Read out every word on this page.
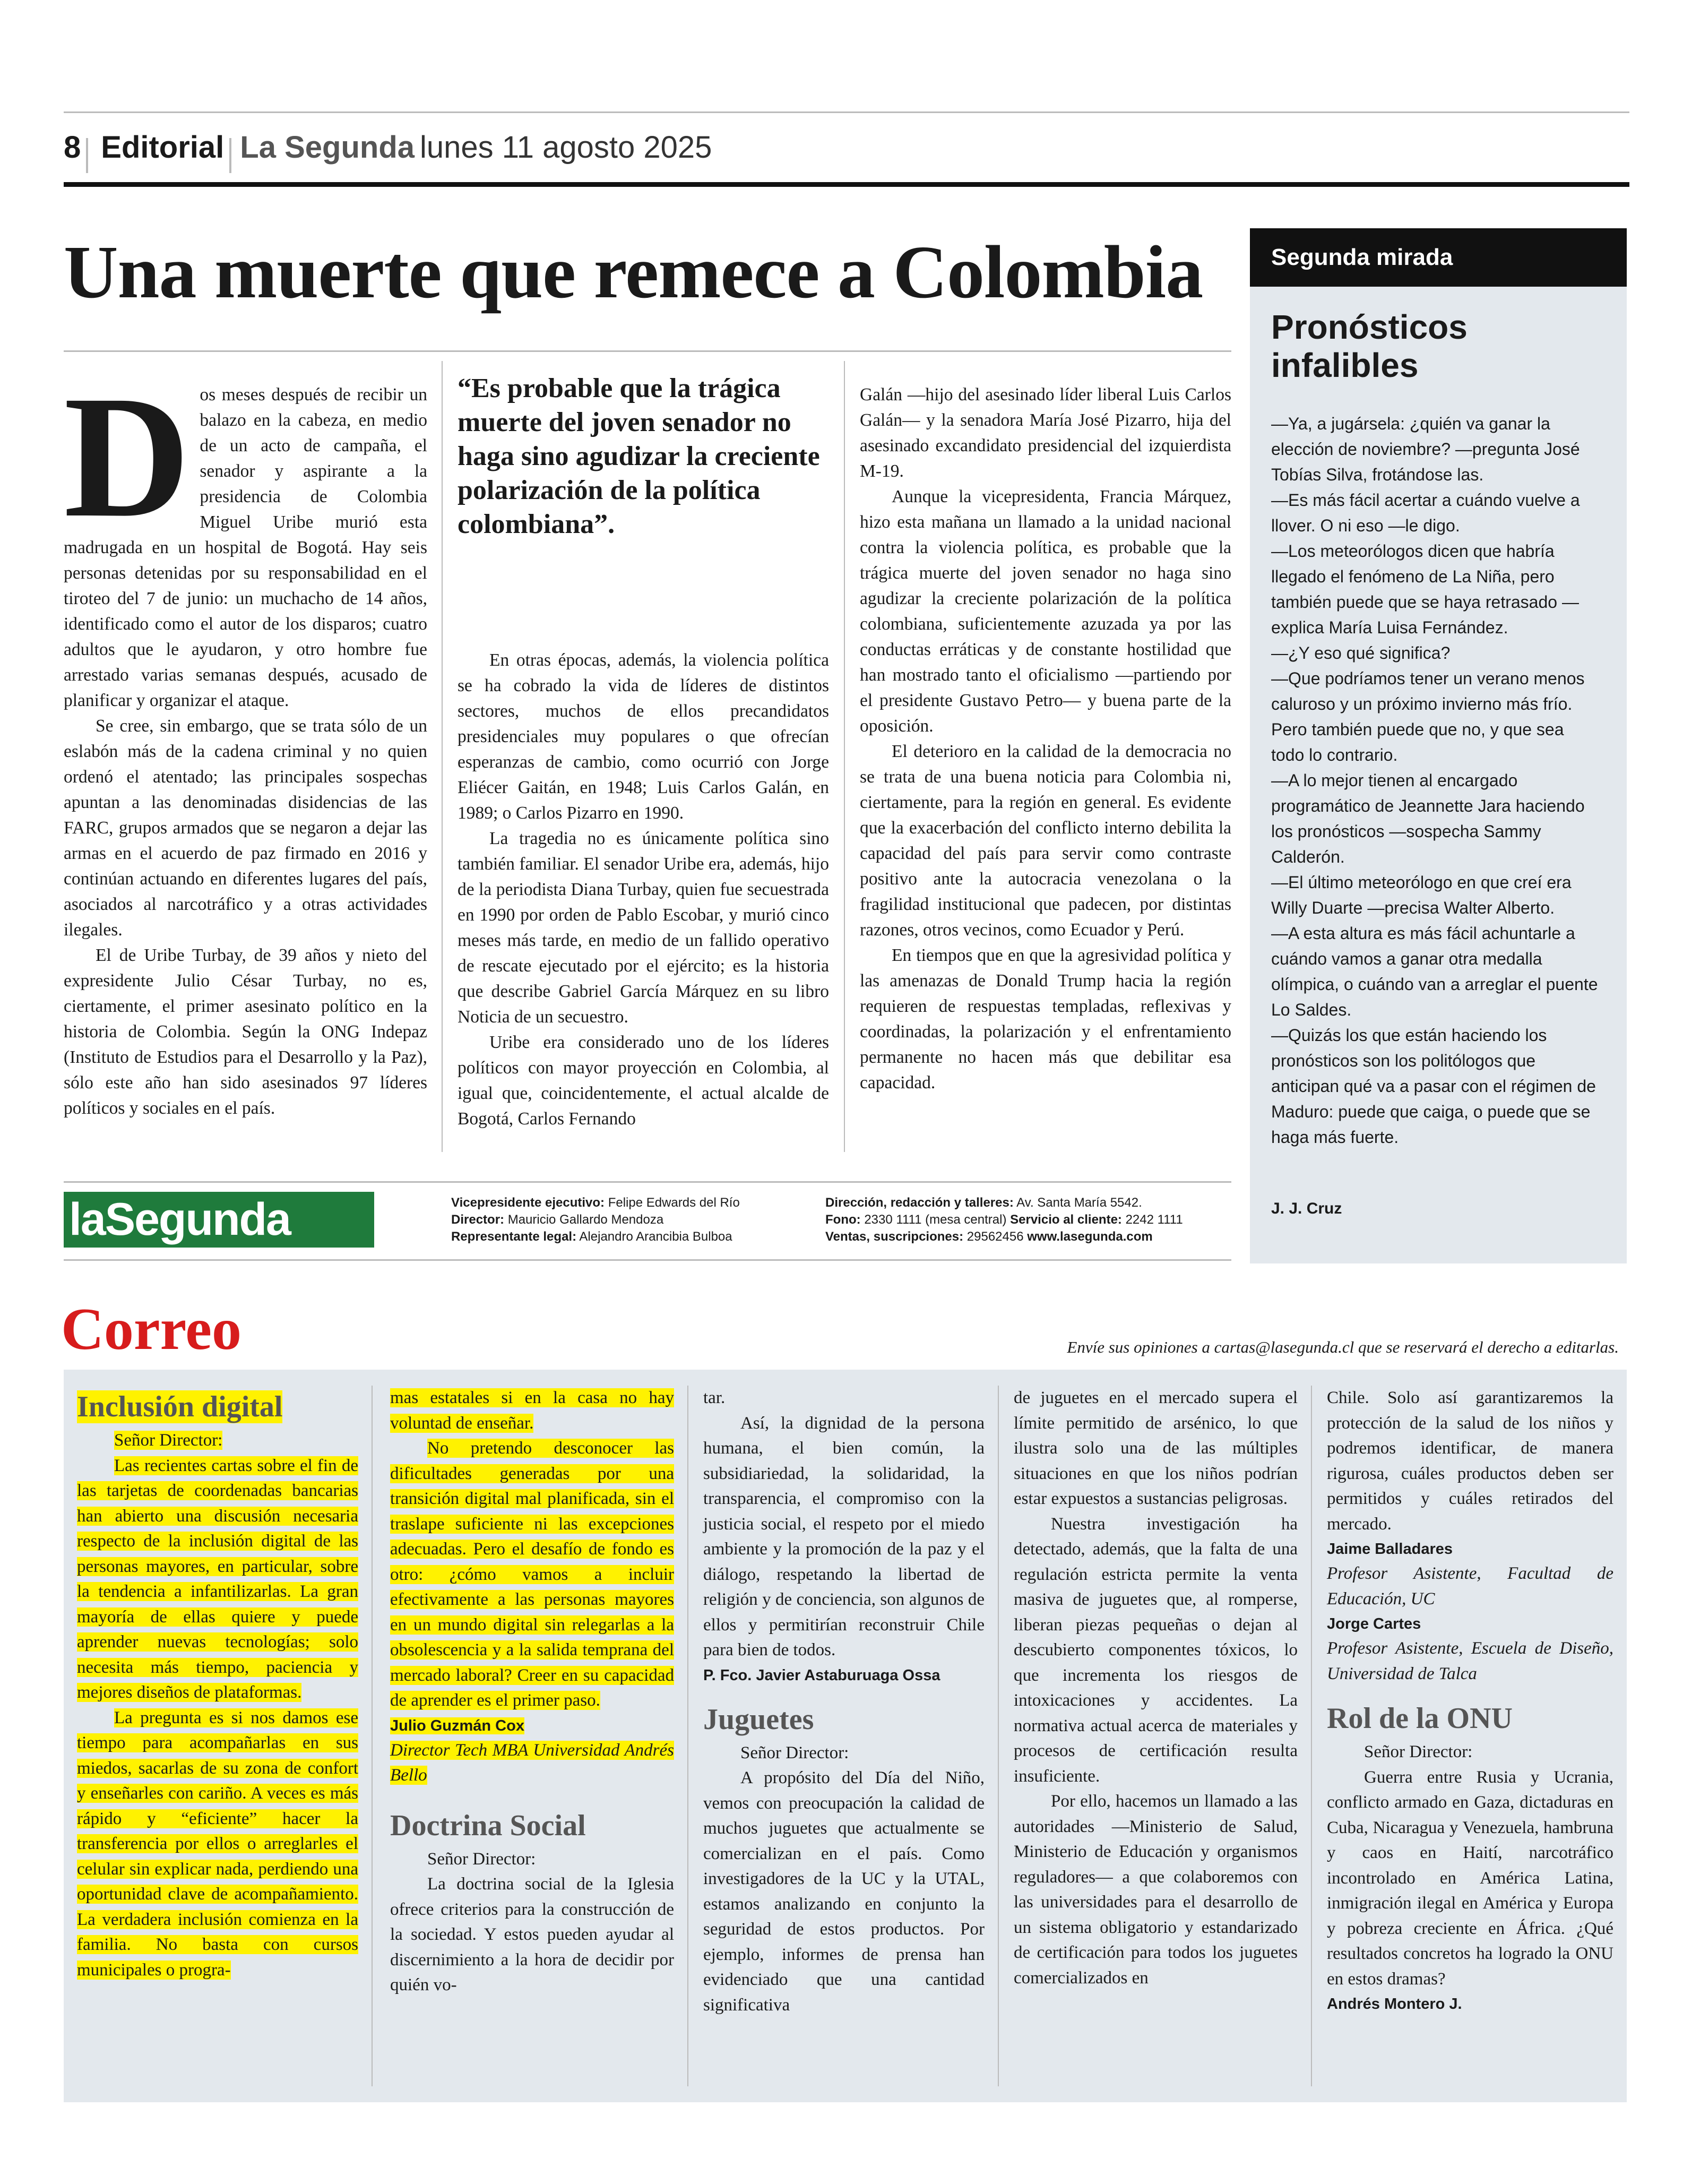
8 Editorial La Segunda lunes 11 agosto 2025
Una muerte que remece a Colombia
D os meses después de recibir un balazo en la cabeza, en medio de un acto de campaña, el senador y aspirante a la presidencia de Colombia Miguel Uribe murió esta madrugada en un hospital de Bogotá. Hay seis personas detenidas por su responsabilidad en el tiroteo del 7 de junio: un muchacho de 14 años, identificado como el autor de los disparos; cuatro adultos que le ayudaron, y otro hombre fue arrestado varias semanas después, acusado de planificar y organizar el ataque.

Se cree, sin embargo, que se trata sólo de un eslabón más de la cadena criminal y no quien ordenó el atentado; las principales sospechas apuntan a las denominadas disidencias de las FARC, grupos armados que se negaron a dejar las armas en el acuerdo de paz firmado en 2016 y continúan actuando en diferentes lugares del país, asociados al narcotráfico y a otras actividades ilegales.

El de Uribe Turbay, de 39 años y nieto del expresidente Julio César Turbay, no es, ciertamente, el primer asesinato político en la historia de Colombia. Según la ONG Indepaz (Instituto de Estudios para el Desarrollo y la Paz), sólo este año han sido asesinados 97 líderes políticos y sociales en el país.

“Es probable que la trágica muerte del joven senador no haga sino agudizar la creciente polarización de la política colombiana”.

En otras épocas, además, la violencia política se ha cobrado la vida de líderes de distintos sectores, muchos de ellos precandidatos presidenciales muy populares o que ofrecían esperanzas de cambio, como ocurrió con Jorge Eliécer Gaitán, en 1948; Luis Carlos Galán, en 1989; o Carlos Pizarro en 1990.

La tragedia no es únicamente política sino también familiar. El senador Uribe era, además, hijo de la periodista Diana Turbay, quien fue secuestrada en 1990 por orden de Pablo Escobar, y murió cinco meses más tarde, en medio de un fallido operativo de rescate ejecutado por el ejército; es la historia que describe Gabriel García Márquez en su libro Noticia de un secuestro.

Uribe era considerado uno de los líderes políticos con mayor proyección en Colombia, al igual que, coincidentemente, el actual alcalde de Bogotá, Carlos Fernando

Galán —hijo del asesinado líder liberal Luis Carlos Galán— y la senadora María José Pizarro, hija del asesinado excandidato presidencial del izquierdista M-19.

Aunque la vicepresidenta, Francia Márquez, hizo esta mañana un llamado a la unidad nacional contra la violencia política, es probable que la trágica muerte del joven senador no haga sino agudizar la creciente polarización de la política colombiana, suficientemente azuzada ya por las conductas erráticas y de constante hostilidad que han mostrado tanto el oficialismo —partiendo por el presidente Gustavo Petro— y buena parte de la oposición.

El deterioro en la calidad de la democracia no se trata de una buena noticia para Colombia ni, ciertamente, para la región en general. Es evidente que la exacerbación del conflicto interno debilita la capacidad del país para servir como contraste positivo ante la autocracia venezolana o la fragilidad institucional que padecen, por distintas razones, otros vecinos, como Ecuador y Perú.

En tiempos que en que la agresividad política y las amenazas de Donald Trump hacia la región requieren de respuestas templadas, reflexivas y coordinadas, la polarización y el enfrentamiento permanente no hacen más que debilitar esa capacidad.

Segunda mirada
Pronósticos infalibles

—Ya, a jugársela: ¿quién va ganar la elección de noviembre? —pregunta José Tobías Silva, frotándose las.

—Es más fácil acertar a cuándo vuelve a llover. O ni eso —le digo.

—Los meteorólogos dicen que habría llegado el fenómeno de La Niña, pero también puede que se haya retrasado —explica María Luisa Fernández.

—¿Y eso qué significa?

—Que podríamos tener un verano menos caluroso y un próximo invierno más frío. Pero también puede que no, y que sea todo lo contrario.

—A lo mejor tienen al encargado programático de Jeannette Jara haciendo los pronósticos —sospecha Sammy Calderón.

—El último meteorólogo en que creí era Willy Duarte —precisa Walter Alberto.

—A esta altura es más fácil achuntarle a cuándo vamos a ganar otra medalla olímpica, o cuándo van a arreglar el puente Lo Saldes.

—Quizás los que están haciendo los pronósticos son los politólogos que anticipan qué va a pasar con el régimen de Maduro: puede que caiga, o puede que se haga más fuerte.

J. J. Cruz
laSegunda	Vicepresidente ejecutivo: Felipe Edwards del Río
Director: Mauricio Gallardo Mendoza
Representante legal: Alejandro Arancibia Bulboa
Dirección, redacción y talleres: Av. Santa María 5542.
Fono: 2330 1111 (mesa central) Servicio al cliente: 2242 1111
Ventas, suscripciones: 29562456 www.lasegunda.com
Correo	Envíe sus opiniones a cartas@lasegunda.cl que se reservará el derecho a editarlas.
Inclusión digital

Señor Director:

Las recientes cartas sobre el fin de las tarjetas de coordenadas bancarias han abierto una discusión necesaria respecto de la inclusión digital de las personas mayores, en particular, sobre la tendencia a infantilizarlas. La gran mayoría de ellas quiere y puede aprender nuevas tecnologías; solo necesita más tiempo, paciencia y mejores diseños de plataformas.

La pregunta es si nos damos ese tiempo para acompañarlas en sus miedos, sacarlas de su zona de confort y enseñarles con cariño. A veces es más rápido y “eficiente” hacer la transferencia por ellos o arreglarles el celular sin explicar nada, perdiendo una oportunidad clave de acompañamiento. La verdadera inclusión comienza en la familia. No basta con cursos municipales o progra-

mas estatales si en la casa no hay voluntad de enseñar.

No pretendo desconocer las dificultades generadas por una transición digital mal planificada, sin el traslape suficiente ni las excepciones adecuadas. Pero el desafío de fondo es otro: ¿cómo vamos a incluir efectivamente a las personas mayores en un mundo digital sin relegarlas a la obsolescencia y a la salida temprana del mercado laboral? Creer en su capacidad de aprender es el primer paso.

Julio Guzmán Cox
Director Tech MBA Universidad Andrés Bello
Doctrina Social

Señor Director:

La doctrina social de la Iglesia ofrece criterios para la construcción de la sociedad. Y estos pueden ayudar al discernimiento a la hora de decidir por quién vo-

tar.

Así, la dignidad de la persona humana, el bien común, la subsidiariedad, la solidaridad, la transparencia, el compromiso con la justicia social, el respeto por el miedo ambiente y la promoción de la paz y el diálogo, respetando la libertad de religión y de conciencia, son algunos de ellos y permitirían reconstruir Chile para bien de todos.

P. Fco. Javier Astaburuaga Ossa
Juguetes

Señor Director:

A propósito del Día del Niño, vemos con preocupación la calidad de muchos juguetes que actualmente se comercializan en el país. Como investigadores de la UC y la UTAL, estamos analizando en conjunto la seguridad de estos productos. Por ejemplo, informes de prensa han evidenciado que una cantidad significativa

de juguetes en el mercado supera el límite permitido de arsénico, lo que ilustra solo una de las múltiples situaciones en que los niños podrían estar expuestos a sustancias peligrosas.

Nuestra investigación ha detectado, además, que la falta de una regulación estricta permite la venta masiva de juguetes que, al romperse, liberan piezas pequeñas o dejan al descubierto componentes tóxicos, lo que incrementa los riesgos de intoxicaciones y accidentes. La normativa actual acerca de materiales y procesos de certificación resulta insuficiente.

Por ello, hacemos un llamado a las autoridades —Ministerio de Salud, Ministerio de Educación y organismos reguladores— a que colaboremos con las universidades para el desarrollo de un sistema obligatorio y estandarizado de certificación para todos los juguetes comercializados en

Chile. Solo así garantizaremos la protección de la salud de los niños y podremos identificar, de manera rigurosa, cuáles productos deben ser permitidos y cuáles retirados del mercado.

Jaime Balladares
Profesor Asistente, Facultad de Educación, UC
Jorge Cartes
Profesor Asistente, Escuela de Diseño, Universidad de Talca
Rol de la ONU

Señor Director:

Guerra entre Rusia y Ucrania, conflicto armado en Gaza, dictaduras en Cuba, Nicaragua y Venezuela, hambruna y caos en Haití, narcotráfico incontrolado en América Latina, inmigración ilegal en América y Europa y pobreza creciente en África. ¿Qué resultados concretos ha logrado la ONU en estos dramas?

Andrés Montero J.
